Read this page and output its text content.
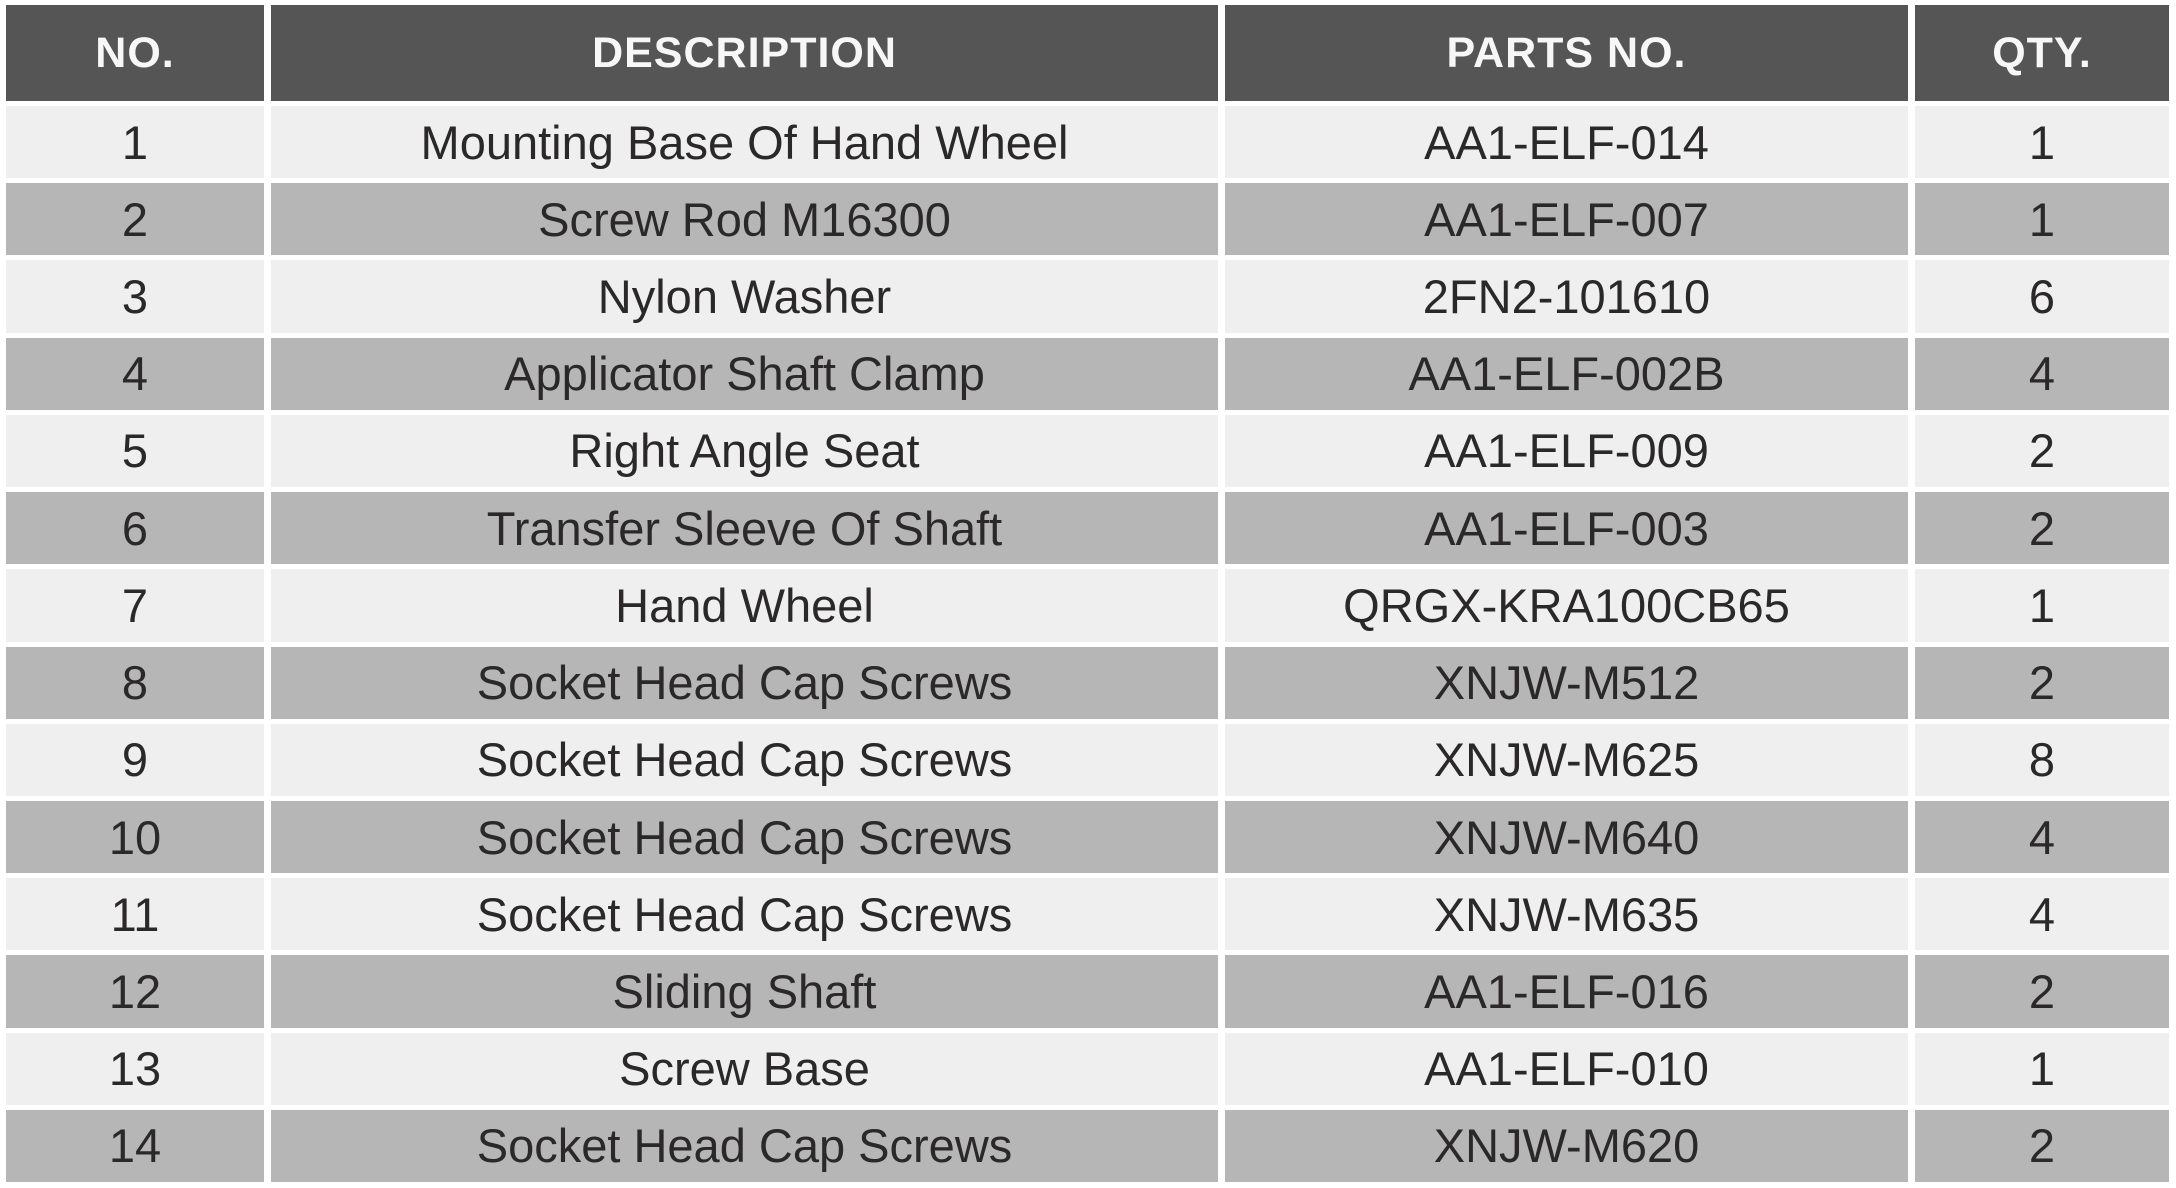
NO.	DESCRIPTION	PARTS NO.	QTY.
1	Mounting Base Of Hand Wheel	AA1-ELF-014	1
2	Screw Rod M16300	AA1-ELF-007	1
3	Nylon Washer	2FN2-101610	6
4	Applicator Shaft Clamp	AA1-ELF-002B	4
5	Right Angle Seat	AA1-ELF-009	2
6	Transfer Sleeve Of Shaft	AA1-ELF-003	2
7	Hand Wheel	QRGX-KRA100CB65	1
8	Socket Head Cap Screws	XNJW-M512	2
9	Socket Head Cap Screws	XNJW-M625	8
10	Socket Head Cap Screws	XNJW-M640	4
11	Socket Head Cap Screws	XNJW-M635	4
12	Sliding Shaft	AA1-ELF-016	2
13	Screw Base	AA1-ELF-010	1
14	Socket Head Cap Screws	XNJW-M620	2
